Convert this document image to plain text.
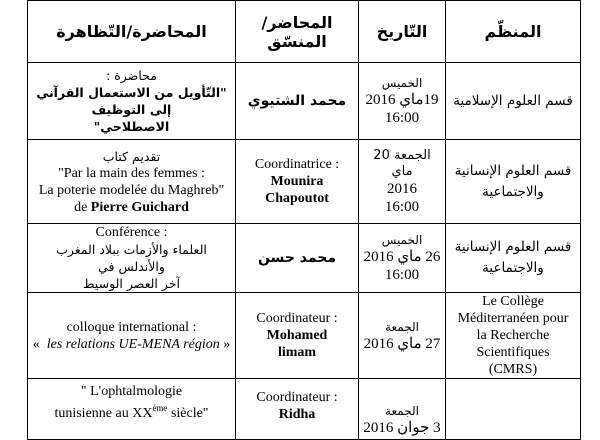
المحاضرة/التّظاهرة	المحاضر/المنسّق	التّاريخ	المنظّم

محاضرة :
"التّأويل من الاستعمال القرآني إلى التوظيف
الاصطلاحي"	محمد الشتيوي	الخميس
19ماي 2016
16:00	قسم العلوم الإسلامية

تقديم كتاب
"Par la main des femmes :
La poterie modelée du Maghreb"
de Pierre Guichard	Coordinatrice :
Mounira
Chapoutot	الجمعة 20 ماي
2016
16:00	قسم العلوم الإنسانية
والاجتماعية

Conférence :
العلماء والأزمات ببلاد المغرب والأندلس في
آخر العصر الوسيط	محمد حسن	الخميس
26 ماي 2016
16:00	قسم العلوم الإنسانية
والاجتماعية

colloque international :
« les relations UE-MENA région »	Coordinateur :
Mohamed
limam	الجمعة
27 ماي 2016	Le Collège
Méditerranéen pour
la Recherche
Scientifiques
(CMRS)

" L'ophtalmologie
tunisienne au XXème siècle"	Coordinateur :
Ridha	الجمعة
3 جوان 2016	
